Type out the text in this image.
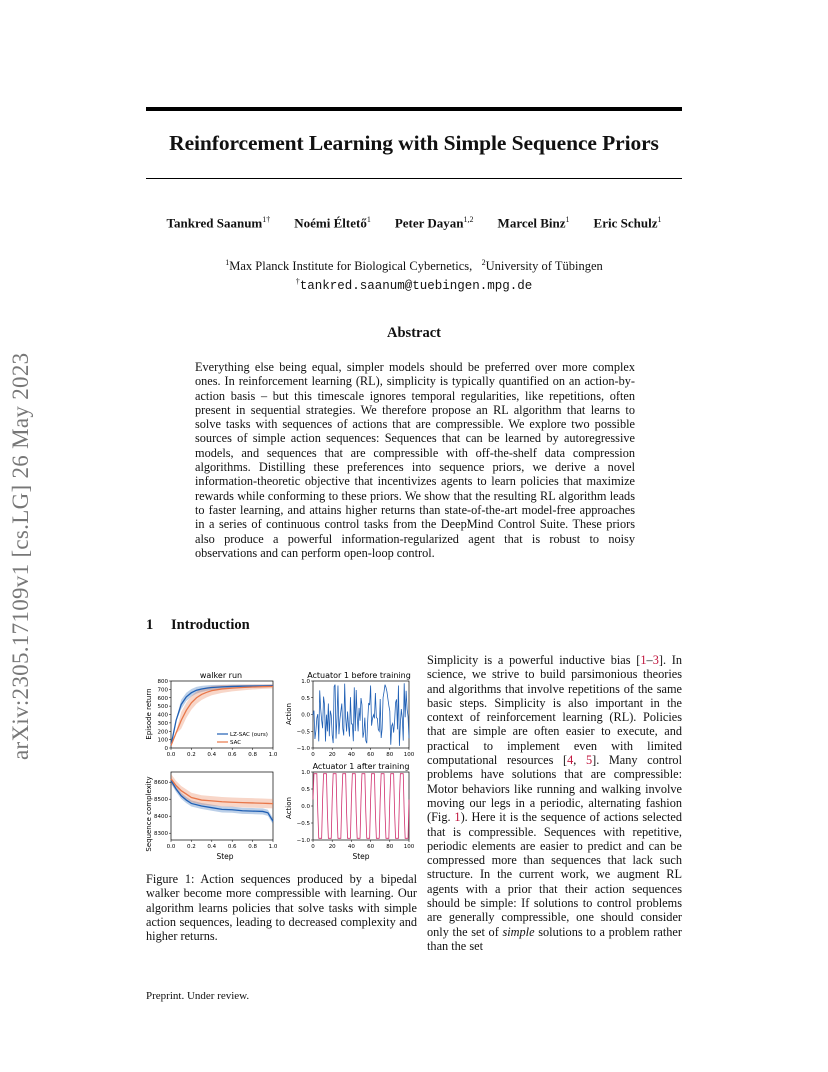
Reinforcement Learning with Simple Sequence Priors
Tankred Saanum$^{1\dagger}$ Noémi Éltető$^1$ Peter Dayan$^{1,2}$ Marcel Binz$^1$ Eric Schulz$^1$
$^1$Max Planck Institute for Biological Cybernetics, $^2$University of Tübingen
†tankred.saanum@tuebingen.mpg.de
Abstract
Everything else being equal, simpler models should be preferred over more complex ones. In reinforcement learning (RL), simplicity is typically quantified on an action-by-action basis – but this timescale ignores temporal regularities, like repetitions, often present in sequential strategies. We therefore propose an RL algorithm that learns to solve tasks with sequences of actions that are compressible. We explore two possible sources of simple action sequences: Sequences that can be learned by autoregressive models, and sequences that are compressible with off-the-shelf data compression algorithms. Distilling these preferences into sequence priors, we derive a novel information-theoretic objective that incentivizes agents to learn policies that maximize rewards while conforming to these priors. We show that the resulting RL algorithm leads to faster learning, and attains higher returns than state-of-the-art model-free approaches in a series of continuous control tasks from the DeepMind Control Suite. These priors also produce a powerful information-regularized agent that is robust to noisy observations and can perform open-loop control.
arXiv:2305.17109v1 [cs.LG] 26 May 2023	1 Introduction
walker run
Episode return
0.0 0.2 0.4 0.6 0.8 1.0
800
700
600
500
400
300
200
100
0
LZ-SAC (ours)
SAC
Actuator 1 before training
Action
0	20 40 60 80 100
1.0
0.5
0.0
−0.5
−1.0
Sequence complexity 0.0 0.2 0.4 0.6 0.8 1.0
8600
8500
8400
8300
Step
Actuator 1 after training
Action
0	20 40 60 80 100
1.0
0.5
0.0
−0.5
−1.0
Step
Figure 1: Action sequences produced by a bipedal walker become more compressible with learning. Our algorithm learns policies that solve tasks with simple action sequences, leading to decreased complexity and higher returns.
Simplicity is a powerful inductive bias [1–3]. In science, we strive to build parsimonious theories and algorithms that involve repetitions of the same basic steps. Simplicity is also important in the context of reinforcement learning (RL). Policies that are simple are often easier to execute, and practical to implement even with limited computational resources [4, 5]. Many control problems have solutions that are compressible: Motor behaviors like running and walking involve moving our legs in a periodic, alternating fashion (Fig. 1). Here it is the sequence of actions selected that is compressible. Sequences with repetitive, periodic elements are easier to predict and can be compressed more than sequences that lack such structure. In the current work, we augment RL agents with a prior that their action sequences should be simple: If solutions to control problems are generally compressible, one should consider only the set of simple solutions to a problem rather than the set
Preprint. Under review.
